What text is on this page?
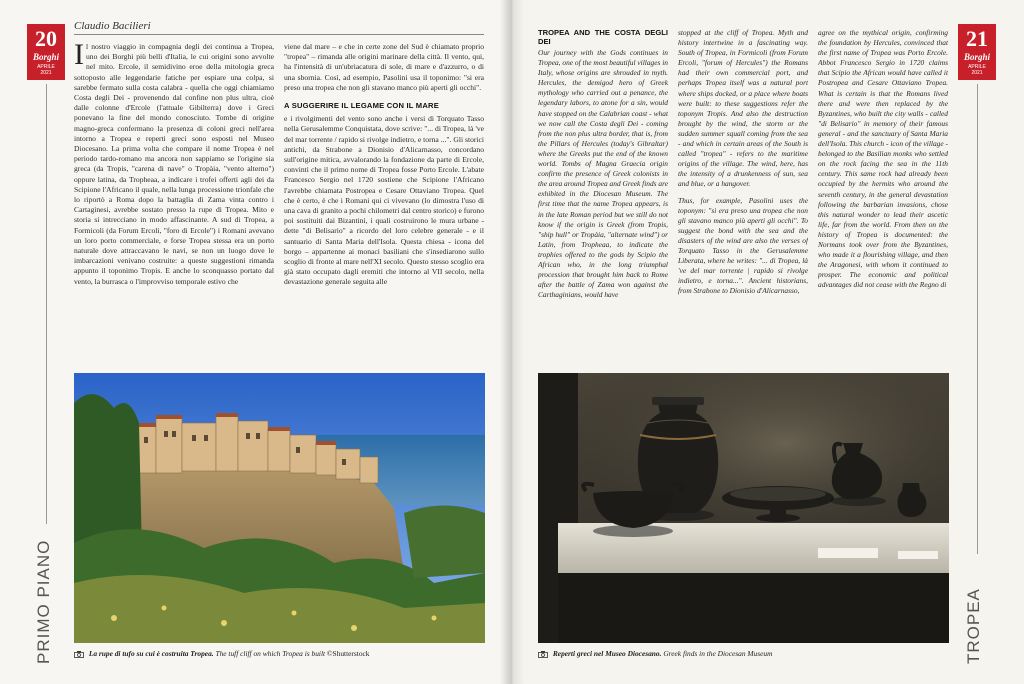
20
Borghi
APRILE
2021
PRIMO PIANO
Claudio Bacilieri
I l nostro viaggio in compagnia degli dei continua a Tropea, uno dei Borghi più belli d'Italia, le cui origini sono avvolte nel mito. Ercole, il semidivino eroe della mitologia greca sottoposto alle leggendarie fatiche per espiare una colpa, si sarebbe fermato sulla costa calabra - quella che oggi chiamiamo Costa degli Dei - provenendo dal confine non plus ultra, cioè dalle colonne d'Ercole (l'attuale Gibilterra) dove i Greci ponevano la fine del mondo conosciuto. Tombe di origine magno-greca confermano la presenza di coloni greci nell'area intorno a Tropea e reperti greci sono esposti nel Museo Diocesano. La prima volta che compare il nome Tropea è nel periodo tardo-romano ma ancora non sappiamo se l'origine sia greca (da Tropis, "carena di nave" o Tropàia, "vento alterno") oppure latina, da Tropheaa, a indicare i trofei offerti agli dei da Scipione l'Africano il quale, nella lunga processione trionfale che lo riportò a Roma dopo la battaglia di Zama vinta contro i Cartaginesi, avrebbe sostato presso la rupe di Tropea. Mito e storia si intrecciano in modo affascinante. A sud di Tropea, a Formicoli (da Forum Ercoli, "foro di Ercole") i Romani avevano un loro porto commerciale, e forse Tropea stessa era un porto naturale dove attraccavano le navi, se non un luogo dove le imbarcazioni venivano costruite: a queste suggestioni rimanda appunto il toponimo Tropis. E anche lo sconquasso portato dal vento, la burrasca o l'improvviso temporale estivo che

viene dal mare – e che in certe zone del Sud è chiamato proprio "tropea" – rimanda alle origini marinare della città. Il vento, qui, ha l'intensità di un'ubriacatura di sole, di mare e d'azzurro, o di una sbornia. Così, ad esempio, Pasolini usa il toponimo: "si era preso una tropea che non gli stavano manco più aperti gli occhi".

A SUGGERIRE IL LEGAME CON IL MARE

e i rivolgimenti del vento sono anche i versi di Torquato Tasso nella Gerusalemme Conquistata, dove scrive: "... di Tropea, là 've del mar torrente / rapido si rivolge indietro, e torna ...". Gli storici antichi, da Strabone a Dionisio d'Alicarnasso, concordano sull'origine mitica, avvalorando la fondazione da parte di Ercole, convinti che il primo nome di Tropea fosse Porto Ercole. L'abate Francesco Sergio nel 1720 sostiene che Scipione l'Africano l'avrebbe chiamata Postropea e Cesare Ottaviano Tropea. Quel che è certo, è che i Romani qui ci vivevano (lo dimostra l'uso di una cava di granito a pochi chilometri dal centro storico) e furono poi sostituiti dai Bizantini, i quali costruirono le mura urbane - dette "di Belisario" a ricordo del loro celebre generale - e il santuario di Santa Maria dell'Isola. Questa chiesa - icona del borgo – appartenne ai monaci basiliani che s'insediarono sullo scoglio di fronte al mare nell'XI secolo. Questo stesso scoglio era già stato occupato dagli eremiti che intorno al VII secolo, nella devastazione generale seguita alle

La rupe di tufo su cui è costruita Tropea. The tuff cliff on which Tropea is built ©Shutterstock
TROPEA AND THE COSTA DEGLI DEI
Our journey with the Gods continues in Tropea, one of the most beautiful villages in Italy, whose origins are shrouded in myth. Hercules, the demigod hero of Greek mythology who carried out a penance, the legendary labors, to atone for a sin, would have stopped on the Calabrian coast - what we now call the Costa degli Dei - coming from the non plus ultra border, that is, from the Pillars of Hercules (today's Gibraltar) where the Greeks put the end of the known world. Tombs of Magna Graecia origin confirm the presence of Greek colonists in the area around Tropea and Greek finds are exhibited in the Diocesan Museum. The first time that the name Tropea appears, is in the late Roman period but we still do not know if the origin is Greek (from Tropis, "ship hull" or Tropàia, "alternate wind") or Latin, from Tropheaa, to indicate the trophies offered to the gods by Scipio the African who, in the long triumphal procession that brought him back to Rome after the battle of Zama won against the Carthaginians, would have

stopped at the cliff of Tropea. Myth and history intertwine in a fascinating way. South of Tropea, in Formicoli (from Forum Ercoli, "forum of Hercules") the Romans had their own commercial port, and perhaps Tropea itself was a natural port where ships docked, or a place where boats were built: to these suggestions refer the toponym Tropis. And also the destruction brought by the wind, the storm or the sudden summer squall coming from the sea - and which in certain areas of the South is called "tropea" - refers to the maritime origins of the village. The wind, here, has the intensity of a drunkenness of sun, sea and blue, or a hangover.

Thus, for example, Pasolini uses the toponym: "si era preso una tropea che non gli stavano manco più aperti gli occhi". To suggest the bond with the sea and the disasters of the wind are also the verses of Torquato Tasso in the Gerusalemme Liberata, where he writes: "... di Tropea, là 've del mar torrente | rapido si rivolge indietro, e torna...". Ancient historians, from Strabone to Dionisio d'Alicarnasso,

agree on the mythical origin, confirming the foundation by Hercules, convinced that the first name of Tropea was Porto Ercole. Abbot Francesco Sergio in 1720 claims that Scipio the African would have called it Postropea and Cesare Ottaviano Tropea. What is certain is that the Romans lived there and were then replaced by the Byzantines, who built the city walls - called "di Belisario" in memory of their famous general - and the sanctuary of Santa Maria dell'Isola. This church - icon of the village - belonged to the Basilian monks who settled on the rock facing the sea in the 11th century. This same rock had already been occupied by the hermits who around the seventh century, in the general devastation following the barbarian invasions, chose this natural wonder to lead their ascetic life, far from the world. From then on the history of Tropea is documented: the Normans took over from the Byzantines, who made it a flourishing village, and then the Aragonesi, with whom it continued to prosper. The economic and political advantages did not cease with the Regno di
21
Borghi
APRILE
2021
TROPEA
Reperti greci nel Museo Diocesano. Greek finds in the Diocesan Museum
